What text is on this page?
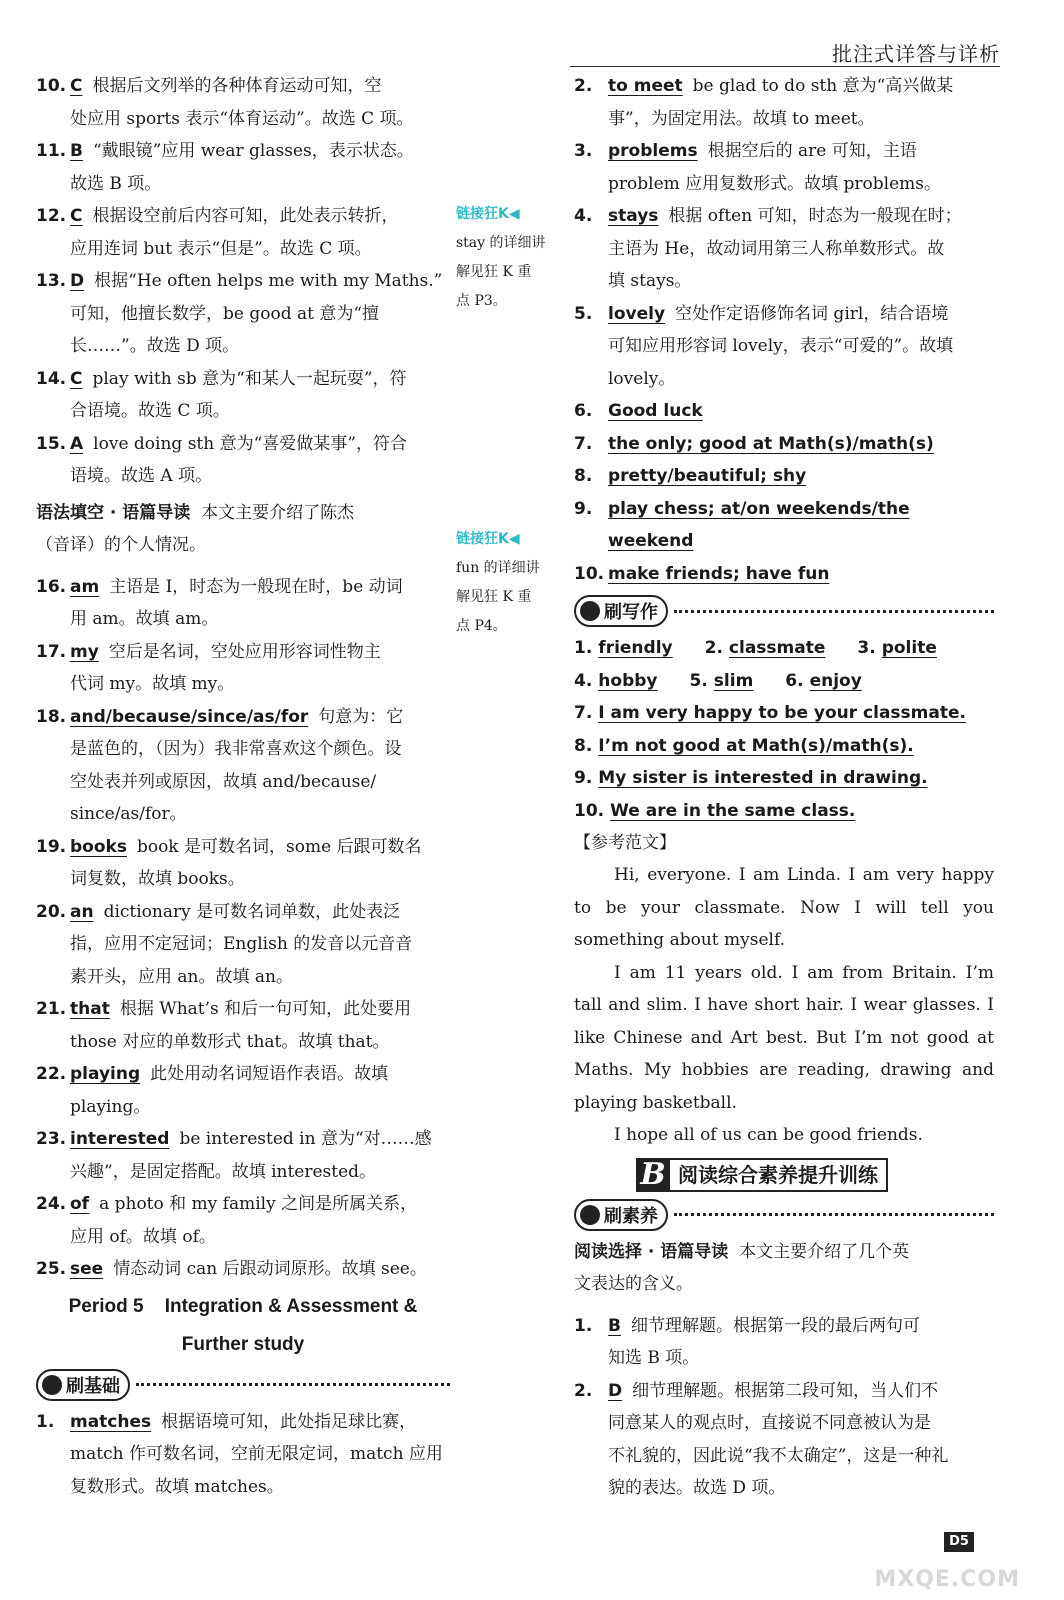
批注式详答与详析
10. C 根据后文列举的各种体育运动可知，空
处应用 sports 表示“体育运动”。故选 C 项。
11. B “戴眼镜”应用 wear glasses，表示状态。
故选 B 项。
12. C 根据设空前后内容可知，此处表示转折，
应用连词 but 表示“但是”。故选 C 项。
13. D 根据“He often helps me with my Maths.”
可知，他擅长数学，be good at 意为“擅
长……”。故选 D 项。
14. C play with sb 意为“和某人一起玩耍”，符
合语境。故选 C 项。
15. A love doing sth 意为“喜爱做某事”，符合
语境。故选 A 项。
语法填空 · 语篇导读 本文主要介绍了陈杰
（音译）的个人情况。
16. am 主语是 I，时态为一般现在时，be 动词
用 am。故填 am。
17. my 空后是名词，空处应用形容词性物主
代词 my。故填 my。
18. and/because/since/as/for 句意为：它
是蓝色的，（因为）我非常喜欢这个颜色。设
空处表并列或原因，故填 and/because/
since/as/for。
19. books book 是可数名词，some 后跟可数名
词复数，故填 books。
20. an dictionary 是可数名词单数，此处表泛
指，应用不定冠词；English 的发音以元音音
素开头，应用 an。故填 an。
21. that 根据 What’s 和后一句可知，此处要用
those 对应的单数形式 that。故填 that。
22. playing 此处用动名词短语作表语。故填
playing。
23. interested be interested in 意为“对……感
兴趣”，是固定搭配。故填 interested。
24. of a photo 和 my family 之间是所属关系，
应用 of。故填 of。
25. see 情态动词 can 后跟动词原形。故填 see。
Period 5    Integration & Assessment &
Further study
刷基础
1. matches 根据语境可知，此处指足球比赛，
match 作可数名词，空前无限定词，match 应用
复数形式。故填 matches。
链接狂K◀
stay 的详细讲
解见狂 K 重
点 P3。
链接狂K◀
fun 的详细讲
解见狂 K 重
点 P4。
2. to meet be glad to do sth 意为“高兴做某
事”，为固定用法。故填 to meet。
3. problems 根据空后的 are 可知，主语
problem 应用复数形式。故填 problems。
4. stays 根据 often 可知，时态为一般现在时；
主语为 He，故动词用第三人称单数形式。故
填 stays。
5. lovely 空处作定语修饰名词 girl，结合语境
可知应用形容词 lovely，表示“可爱的”。故填
lovely。
6. Good luck
7. the only; good at Math(s)/math(s)
8. pretty/beautiful; shy
9. play chess; at/on weekends/the weekend
10. make friends; have fun
刷写作
1. friendly 2. classmate 3. polite
4. hobby 5. slim 6. enjoy
7. I am very happy to be your classmate.
8. I’m not good at Math(s)/math(s).
9. My sister is interested in drawing.
10. We are in the same class.
【参考范文】

Hi, everyone. I am Linda. I am very happy to be your classmate. Now I will tell you something about myself.

I am 11 years old. I am from Britain. I’m tall and slim. I have short hair. I wear glasses. I like Chinese and Art best. But I’m not good at Maths. My hobbies are reading, drawing and playing basketball.

I hope all of us can be good friends.

B 阅读综合素养提升训练
刷素养
阅读选择 · 语篇导读 本文主要介绍了几个英
文表达的含义。
1. B 细节理解题。根据第一段的最后两句可
知选 B 项。
2. D 细节理解题。根据第二段可知，当人们不
同意某人的观点时，直接说不同意被认为是
不礼貌的，因此说“我不太确定”，这是一种礼
貌的表达。故选 D 项。
D5
MXQE.COM
